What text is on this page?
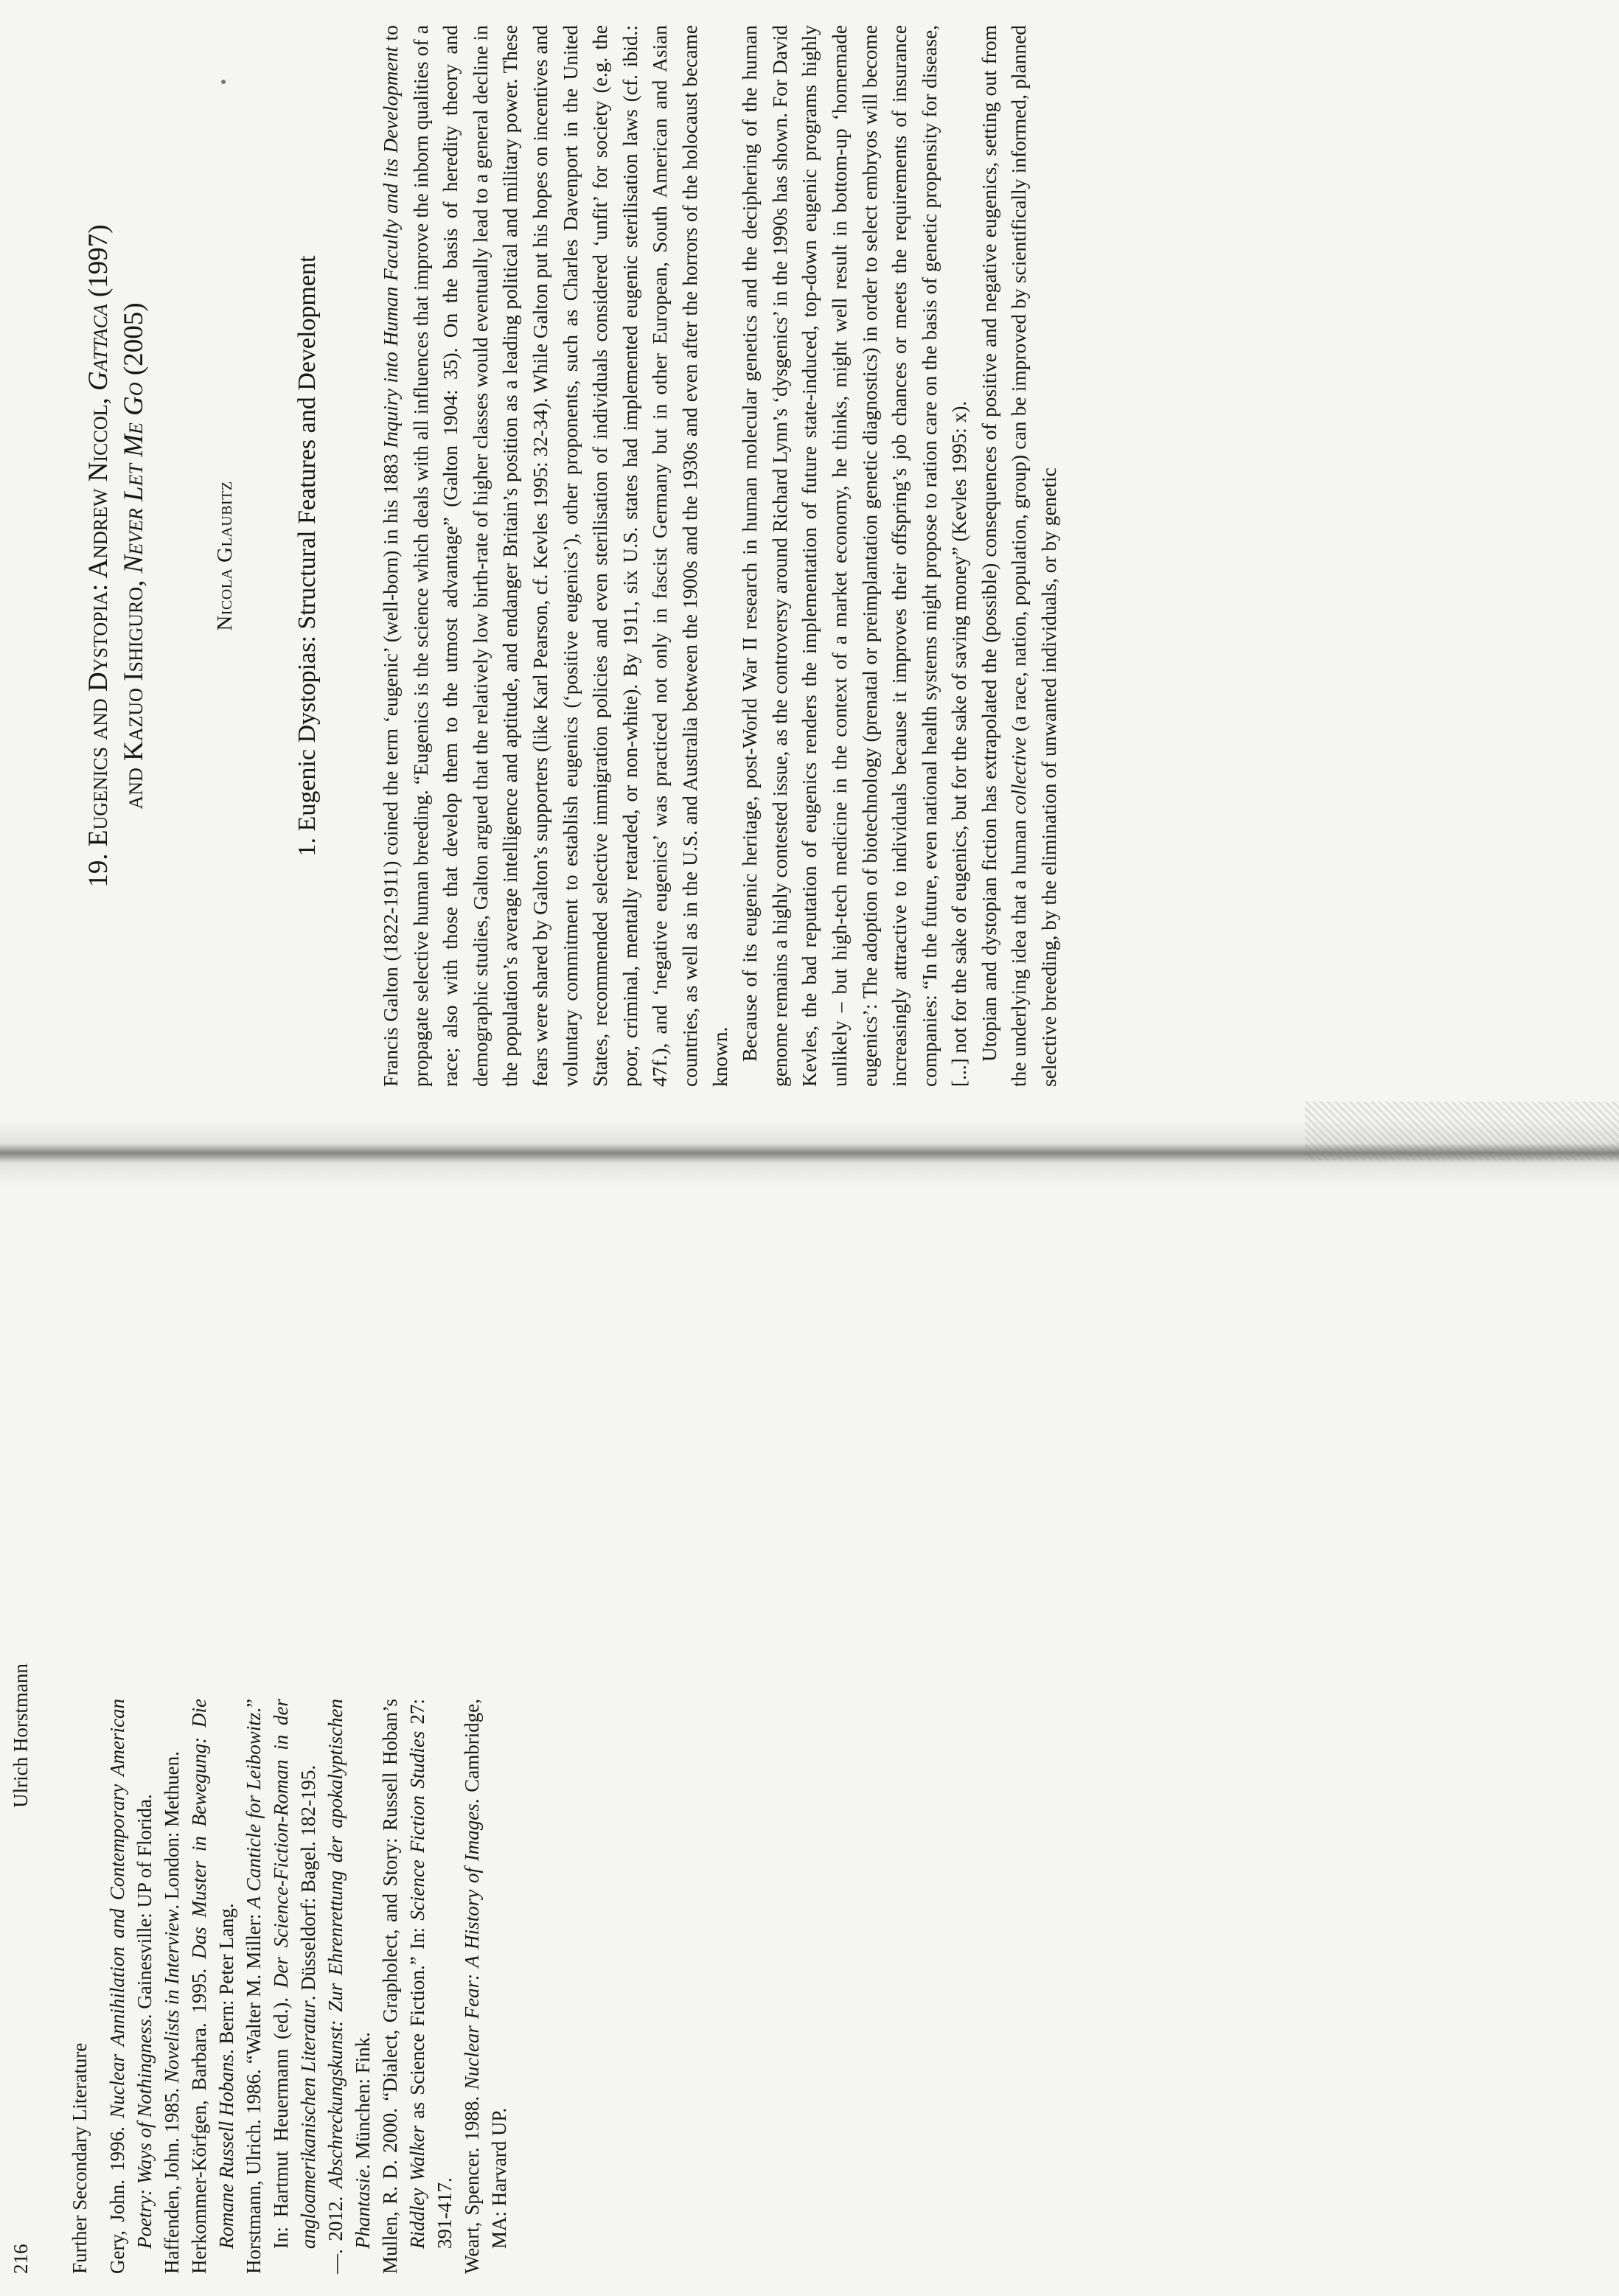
216
Ulrich Horstmann

Further Secondary Literature Gery, John. 1996. Nuclear Annihilation and Contemporary American Poetry: Ways of Nothingness. Gainesville: UP of Florida.

Haffenden, John. 1985. Novelists in Interview. London: Methuen.

Herkommer-Körfgen, Barbara. 1995. Das Muster in Bewegung: Die Romane Russell Hobans. Bern: Peter Lang. Horstmann, Ulrich. 1986. “Walter M. Miller: A Canticle for Leibowitz.” In: Hartmut Heuermann (ed.). Der Science-Fiction-Roman in der angloamerikanischen Literatur. Düsseldorf: Bagel. 182-195.

—. 2012. Abschreckungskunst: Zur Ehrenrettung der apokalyptischen Phantasie. München: Fink. Mullen, R. D. 2000. “Dialect, Grapholect, and Story: Russell Hoban’s Riddley Walker as Science Fiction.” In: Science Fiction Studies 27: 391-417. Weart, Spencer. 1988. Nuclear Fear: A History of Images. Cambridge, MA: Harvard UP.

19. Eugenics and Dystopia: Andrew Niccol, Gattaca (1997)
and Kazuo Ishiguro, Never Let Me Go (2005)
Nicola Glaubitz 1. Eugenic Dystopias: Structural Features and Development	Francis Galton (1822-1911) coined the term ‘eugenic’ (well-born) in his 1883 Inquiry into Human Faculty and its Development to propagate selective human breeding. “Eugenics is the science which deals with all influences that improve the inborn qualities of a race; also with those that develop them to the utmost advantage” (Galton 1904: 35). On the basis of heredity theory and demographic studies, Galton argued that the relatively low birth-rate of higher classes would eventually lead to a general decline in the population’s average intelligence and aptitude, and endanger Britain’s position as a leading political and military power. These fears were shared by Galton’s supporters (like Karl Pearson, cf. Kevles 1995: 32-34). While Galton put his hopes on incentives and voluntary commitment to establish eugenics (‘positive eugenics’), other proponents, such as Charles Davenport in the United States, recommended selective immigration policies and even sterilisation of individuals considered ‘unfit’ for society (e.g. the poor, criminal, mentally retarded, or non-white). By 1911, six U.S. states had implemented eugenic sterilisation laws (cf. ibid.: 47f.), and ‘negative eugenics’ was practiced not only in fascist Germany but in other European, South American and Asian countries, as well as in the U.S. and Australia between the 1900s and the 1930s and even after the horrors of the holocaust became known. Because of its eugenic heritage, post-World War II research in human molecular genetics and the deciphering of the human genome remains a highly contested issue, as the controversy around Richard Lynn’s ‘dysgenics’ in the 1990s has shown. For David Kevles, the bad reputation of eugenics renders the implementation of future state-induced, top-down eugenic programs highly unlikely – but high-tech medicine in the context of a market economy, he thinks, might well result in bottom-up ‘homemade eugenics’: The adoption of biotechnology (prenatal or preimplantation genetic diagnostics) in order to select embryos will become increasingly attractive to individuals because it improves their offspring’s job chances or meets the requirements of insurance companies: “In the future, even national health systems might propose to ration care on the basis of genetic propensity for disease, [...] not for the sake of eugenics, but for the sake of saving money” (Kevles 1995: x). Utopian and dystopian fiction has extrapolated the (possible) consequences of positive and negative eugenics, setting out from the underlying idea that a human collective (a race, nation, population, group) can be improved by scientifically informed, planned selective breeding, by the elimination of unwanted individuals, or by genetic
